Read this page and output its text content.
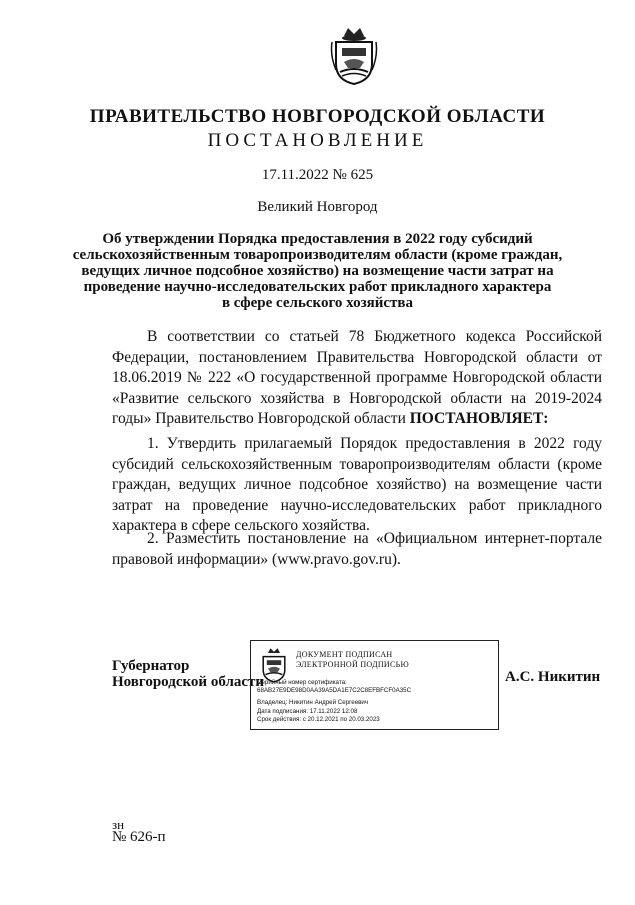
ПРАВИТЕЛЬСТВО НОВГОРОДСКОЙ ОБЛАСТИ
ПОСТАНОВЛЕНИЕ
17.11.2022 № 625
Великий Новгород
Об утверждении Порядка предоставления в 2022 году субсидий
сельскохозяйственным товаропроизводителям области (кроме граждан,
ведущих личное подсобное хозяйство) на возмещение части затрат на
проведение научно-исследовательских работ прикладного характера
в сфере сельского хозяйства
В соответствии со статьей 78 Бюджетного кодекса Российской Федерации, постановлением Правительства Новгородской области от 18.06.2019 № 222 «О государственной программе Новгородской области «Развитие сельского хозяйства в Новгородской области на 2019-2024 годы» Правительство Новгородской области ПОСТАНОВЛЯЕТ:
1. Утвердить прилагаемый Порядок предоставления в 2022 году субсидий сельскохозяйственным товаропроизводителям области (кроме граждан, ведущих личное подсобное хозяйство) на возмещение части затрат на проведение научно-исследовательских работ прикладного характера в сфере сельского хозяйства.
2. Разместить постановление на «Официальном интернет-портале правовой информации» (www.pravo.gov.ru).
Губернатор
Новгородской области
ДОКУМЕНТ ПОДПИСАН
ЭЛЕКТРОННОЙ ПОДПИСЬЮ
Серийный номер сертификата:
68AB27E9DE98D0AA39A5DA1E7C2C8EFBFCF0A35C
Владелец: Никитин Андрей Сергеевич
Дата подписания: 17.11.2022 12:08
Срок действия: с 20.12.2021 по 20.03.2023
А.С. Никитин
зн
№ 626-п
